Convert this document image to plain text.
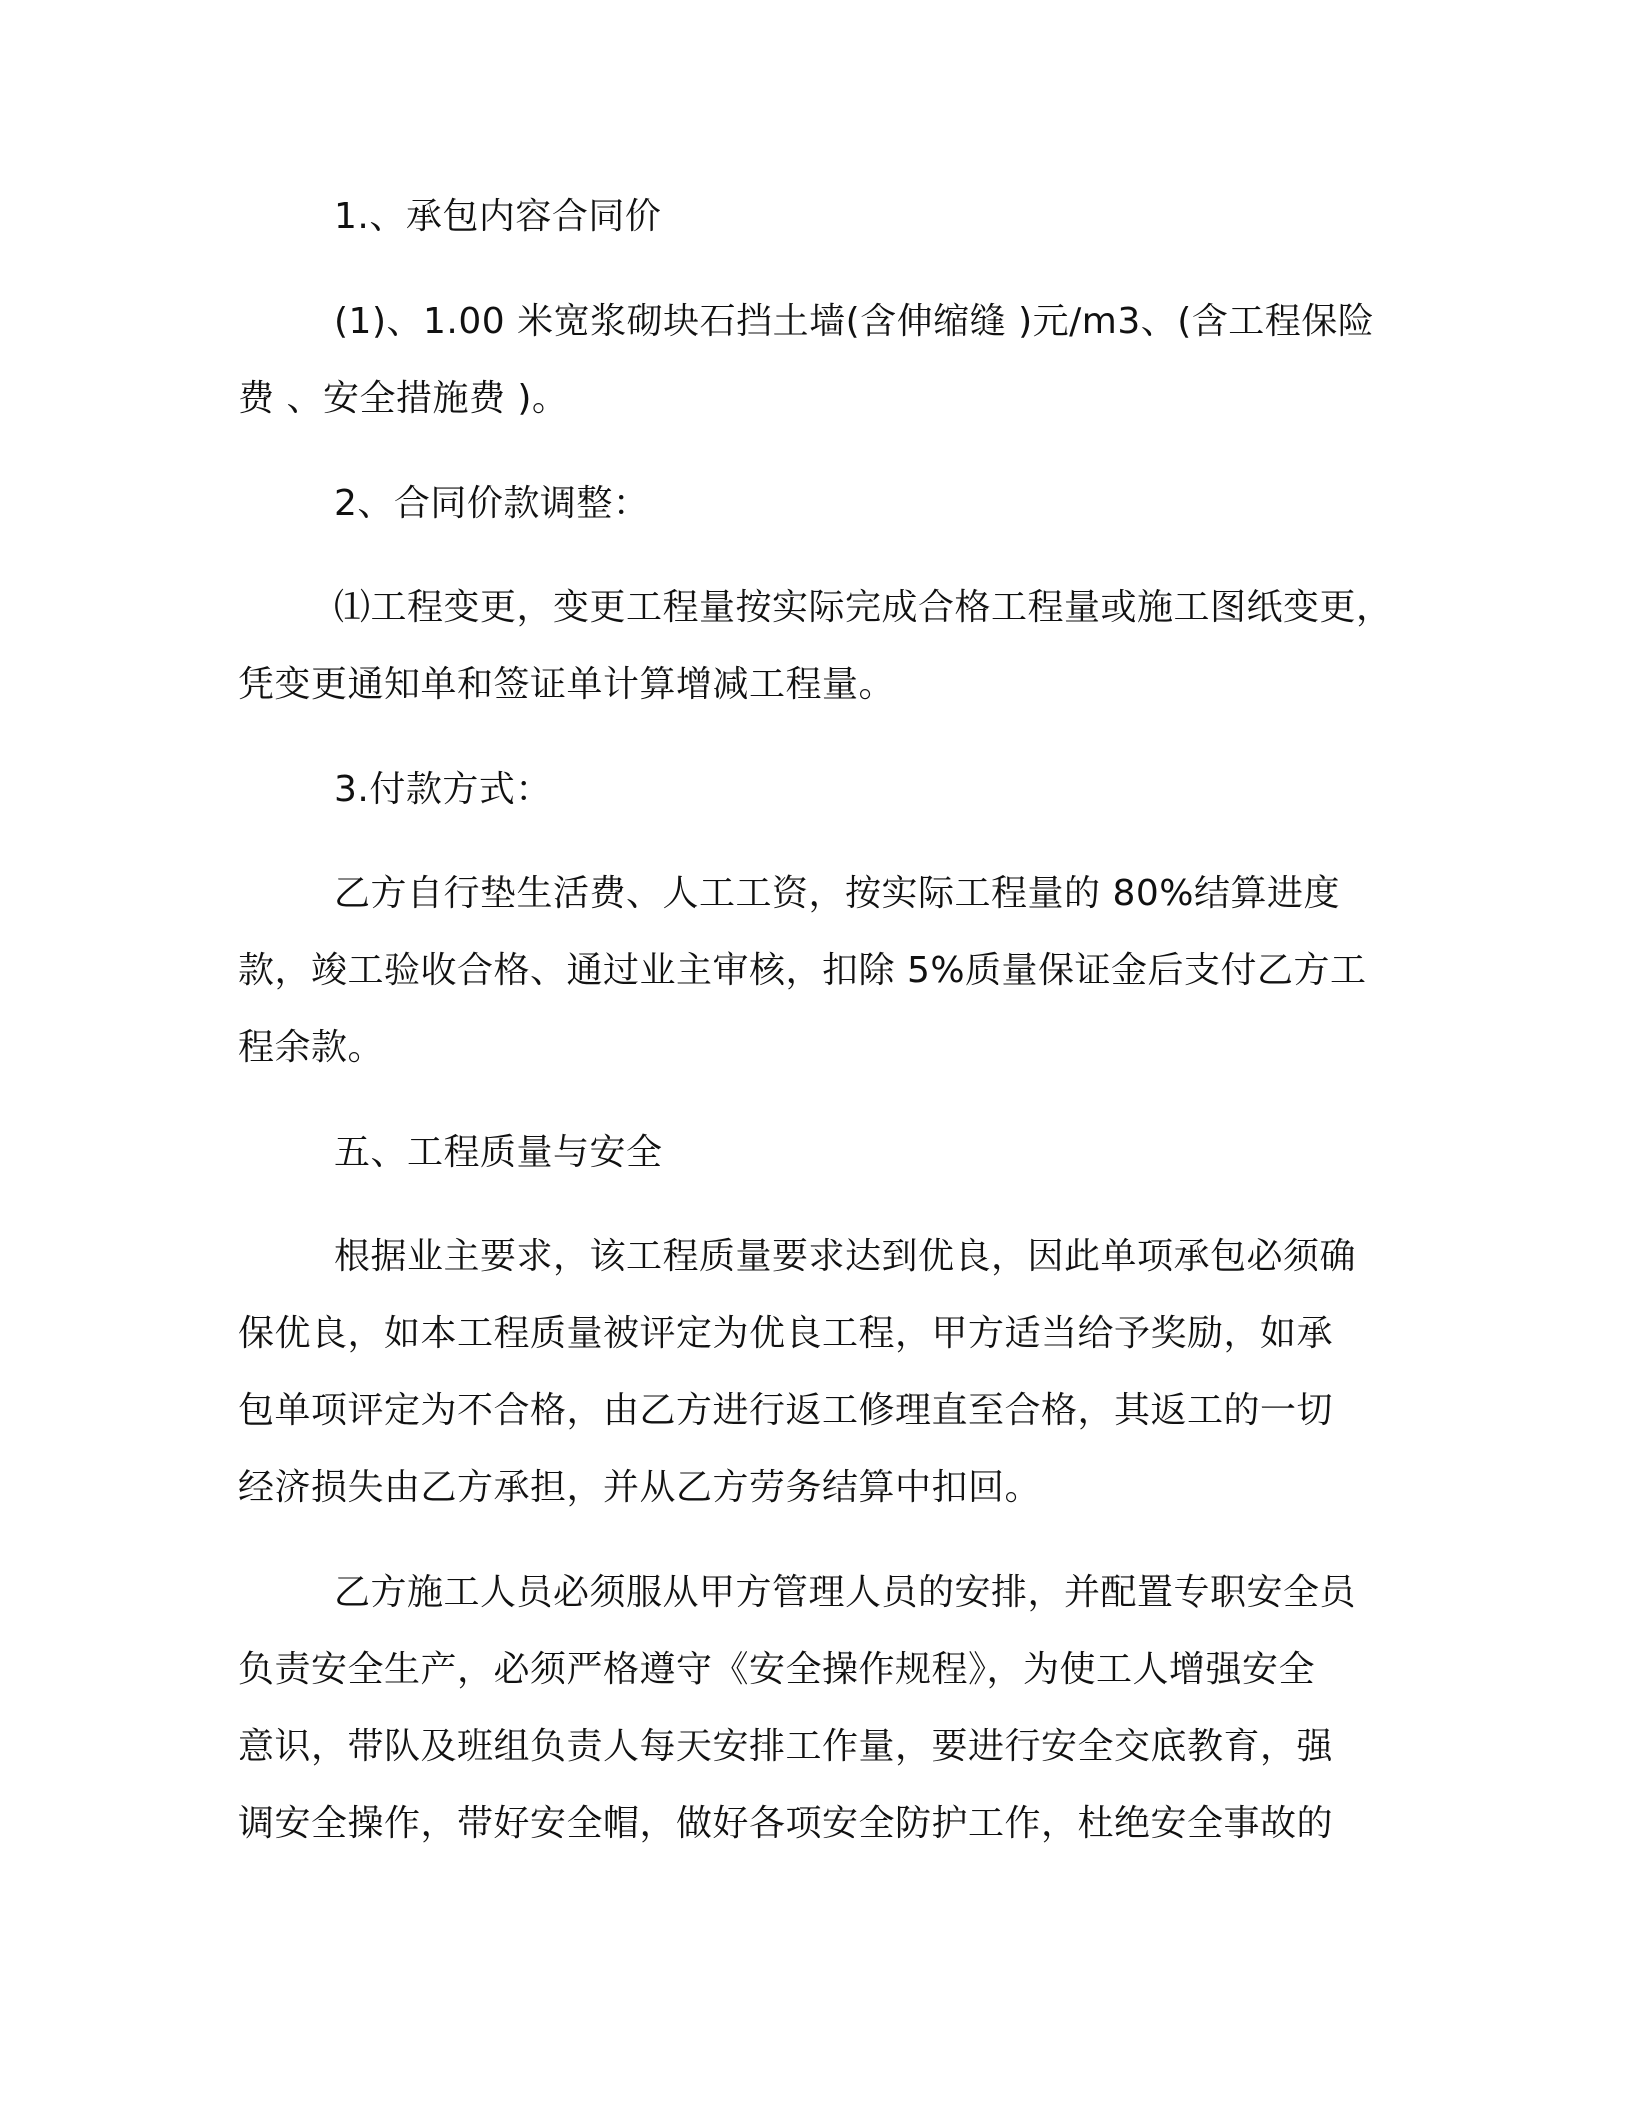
1.、承包内容合同价
(1)、1.00 米宽浆砌块石挡土墙(含伸缩缝 )元/m3、(含工程保险
费 、安全措施费 )。
2、合同价款调整：
⑴工程变更，变更工程量按实际完成合格工程量或施工图纸变更，
凭变更通知单和签证单计算增减工程量。
3.付款方式：
乙方自行垫生活费、人工工资，按实际工程量的 80%结算进度
款，竣工验收合格、通过业主审核，扣除 5%质量保证金后支付乙方工
程余款。
五、工程质量与安全
根据业主要求，该工程质量要求达到优良，因此单项承包必须确
保优良，如本工程质量被评定为优良工程，甲方适当给予奖励，如承
包单项评定为不合格，由乙方进行返工修理直至合格，其返工的一切
经济损失由乙方承担，并从乙方劳务结算中扣回。
乙方施工人员必须服从甲方管理人员的安排，并配置专职安全员
负责安全生产，必须严格遵守《安全操作规程》，为使工人增强安全
意识，带队及班组负责人每天安排工作量，要进行安全交底教育，强
调安全操作，带好安全帽，做好各项安全防护工作，杜绝安全事故的
